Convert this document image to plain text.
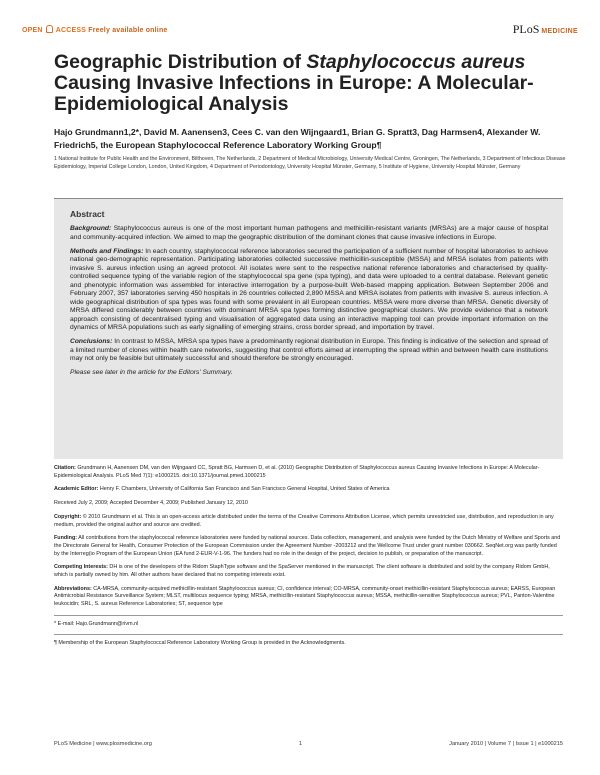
OPEN ACCESS Freely available online	PLoS MEDICINE
Geographic Distribution of Staphylococcus aureus Causing Invasive Infections in Europe: A Molecular-Epidemiological Analysis
Hajo Grundmann1,2*, David M. Aanensen3, Cees C. van den Wijngaard1, Brian G. Spratt3, Dag Harmsen4, Alexander W. Friedrich5, the European Staphylococcal Reference Laboratory Working Group¶
1 National Institute for Public Health and the Environment, Bilthoven, The Netherlands, 2 Department of Medical Microbiology, University Medical Centre, Groningen, The Netherlands, 3 Department of Infectious Disease Epidemiology, Imperial College London, London, United Kingdom, 4 Department of Periodontology, University Hospital Münster, Germany, 5 Institute of Hygiene, University Hospital Münster, Germany
Abstract

Background: Staphylococcus aureus is one of the most important human pathogens and methicillin-resistant variants (MRSAs) are a major cause of hospital and community-acquired infection. We aimed to map the geographic distribution of the dominant clones that cause invasive infections in Europe.

Methods and Findings: In each country, staphylococcal reference laboratories secured the participation of a sufficient number of hospital laboratories to achieve national geo-demographic representation. Participating laboratories collected successive methicillin-susceptible (MSSA) and MRSA isolates from patients with invasive S. aureus infection using an agreed protocol. All isolates were sent to the respective national reference laboratories and characterised by quality-controlled sequence typing of the variable region of the staphylococcal spa gene (spa typing), and data were uploaded to a central database. Relevant genetic and phenotypic information was assembled for interactive interrogation by a purpose-built Web-based mapping application. Between September 2006 and February 2007, 357 laboratories serving 450 hospitals in 26 countries collected 2,890 MSSA and MRSA isolates from patients with invasive S. aureus infection. A wide geographical distribution of spa types was found with some prevalent in all European countries. MSSA were more diverse than MRSA. Genetic diversity of MRSA differed considerably between countries with dominant MRSA spa types forming distinctive geographical clusters. We provide evidence that a network approach consisting of decentralised typing and visualisation of aggregated data using an interactive mapping tool can provide important information on the dynamics of MRSA populations such as early signalling of emerging strains, cross border spread, and importation by travel.

Conclusions: In contrast to MSSA, MRSA spa types have a predominantly regional distribution in Europe. This finding is indicative of the selection and spread of a limited number of clones within health care networks, suggesting that control efforts aimed at interrupting the spread within and between health care institutions may not only be feasible but ultimately successful and should therefore be strongly encouraged.

Please see later in the article for the Editors' Summary.

Citation: Grundmann H, Aanensen DM, van den Wijngaard CC, Spratt BG, Harmsen D, et al. (2010) Geographic Distribution of Staphylococcus aureus Causing Invasive Infections in Europe: A Molecular-Epidemiological Analysis. PLoS Med 7(1): e1000215. doi:10.1371/journal.pmed.1000215

Academic Editor: Henry F. Chambers, University of California San Francisco and San Francisco General Hospital, United States of America

Received July 2, 2009; Accepted December 4, 2009; Published January 12, 2010

Copyright: © 2010 Grundmann et al. This is an open-access article distributed under the terms of the Creative Commons Attribution License, which permits unrestricted use, distribution, and reproduction in any medium, provided the original author and source are credited.

Funding: All contributions from the staphylococcal reference laboratories were funded by national sources. Data collection, management, and analysis were funded by the Dutch Ministry of Welfare and Sports and the Directorate General for Health, Consumer Protection of the European Commission under the Agreement Number -2003212 and the Wellcome Trust under grant number 030662. SeqNet.org was partly funded by the Interreg(io Program of the European Union (EA fund 2-EUR-V-1-96. The funders had no role in the design of the project, decision to publish, or preparation of the manuscript.

Competing Interests: DH is one of the developers of the Ridom StaphType software and the SpaServer mentioned in the manuscript. The client software is distributed and sold by the company Ridom GmbH, which is partially owned by him. All other authors have declared that no competing interests exist.

Abbreviations: CA-MRSA, community-acquired methicillin-resistant Staphylococcus aureus; CI, confidence interval; CO-MRSA, community-onset methicillin-resistant Staphylococcus aureus; EARSS, European Antimicrobial Resistance Surveillance System; MLST, multilocus sequence typing; MRSA, methicillin-resistant Staphylococcus aureus; MSSA, methicillin-sensitive Staphylococcus aureus; PVL, Panton-Valentine leukocidin; SRL, S. aureus Reference Laboratories; ST, sequence type

* E-mail: Hajo.Grundmann@rivm.nl

¶ Membership of the European Staphylococcal Reference Laboratory Working Group is provided in the Acknowledgments.

PLoS Medicine | www.plosmedicine.org	1	January 2010 | Volume 7 | Issue 1 | e1000215
